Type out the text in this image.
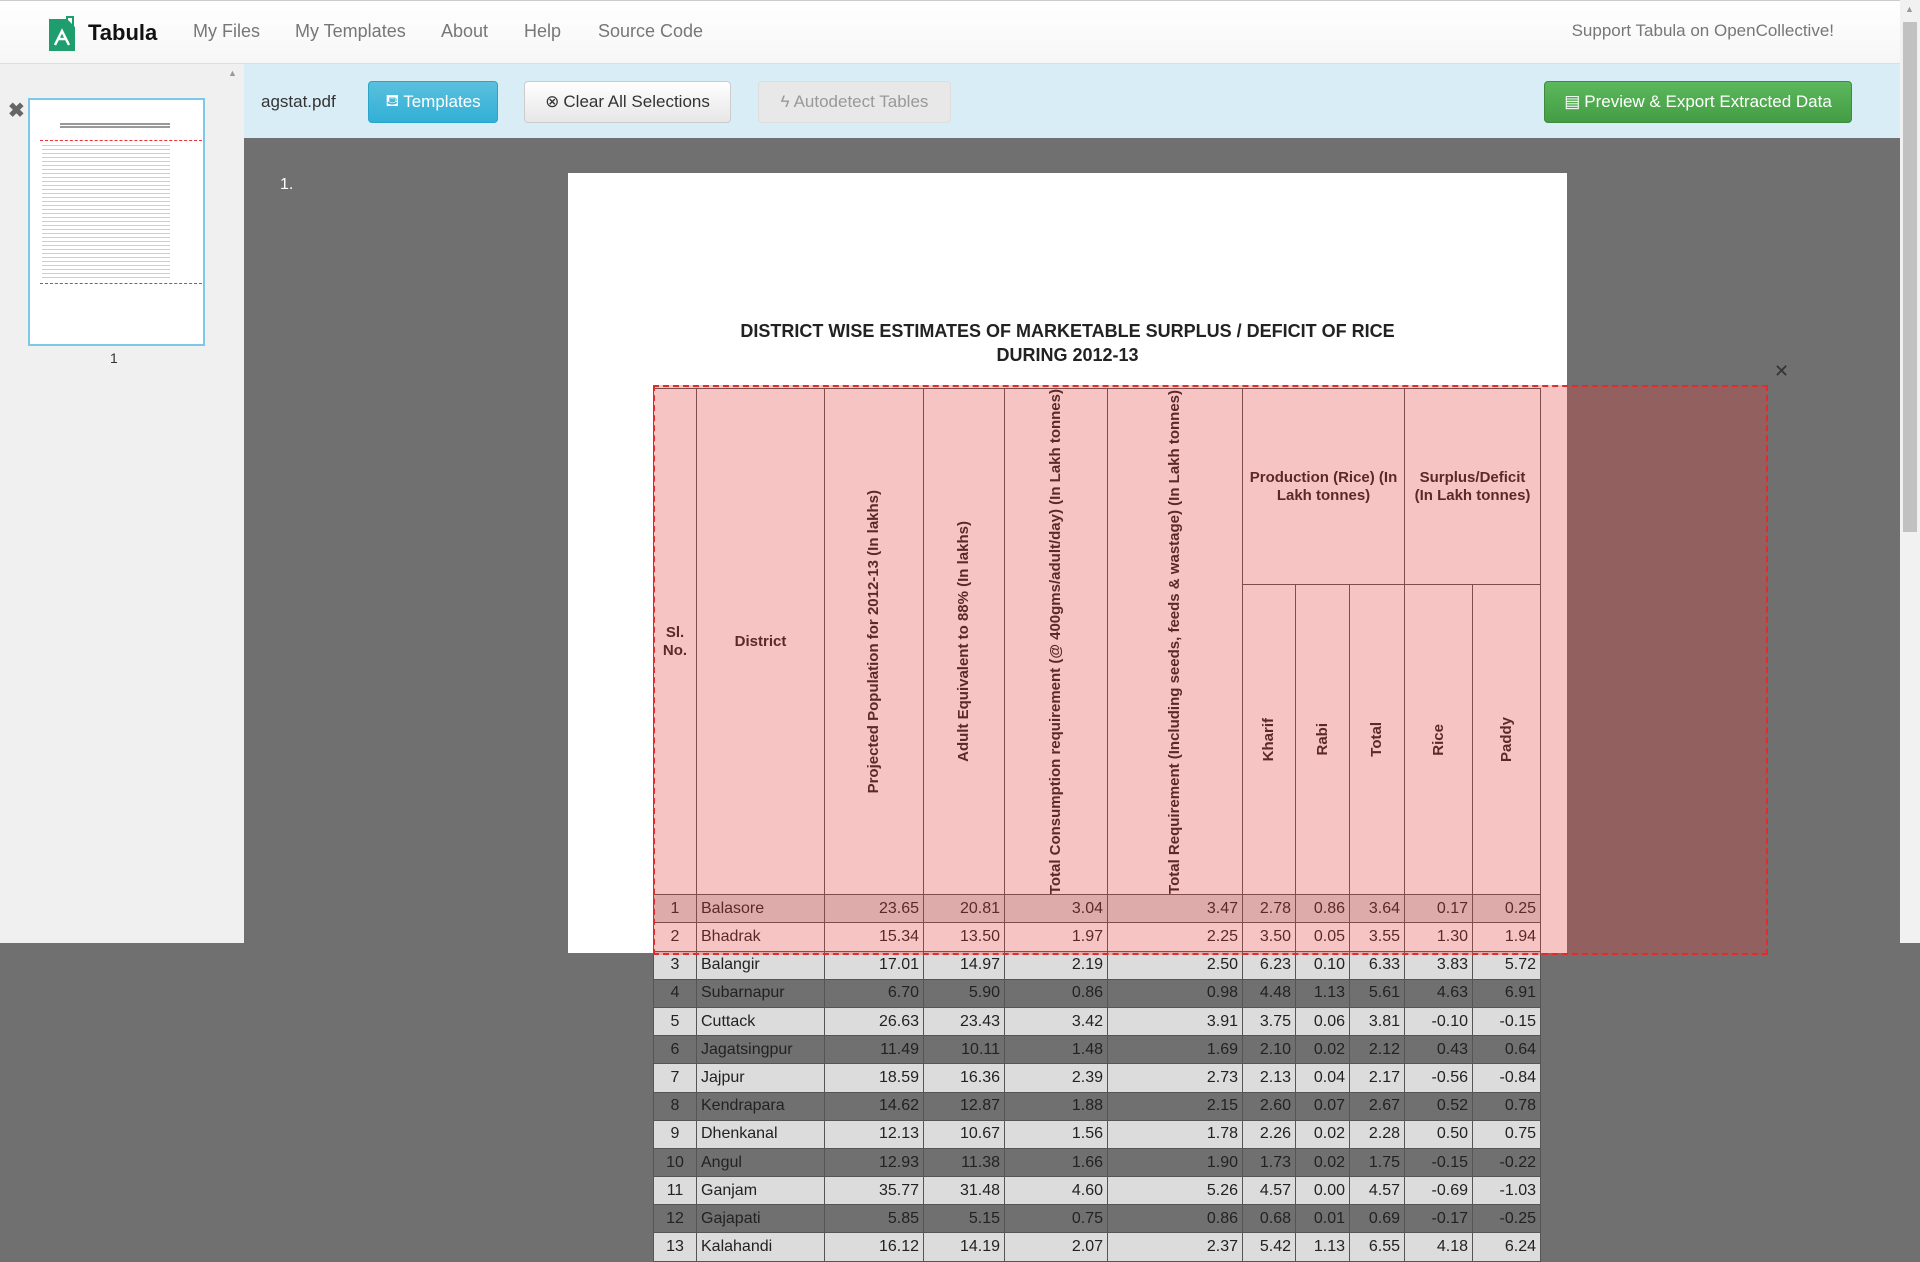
Tabula My Files My Templates About Help Source Code	Support Tabula on OpenCollective!
▲
▲
✖
1
agstat.pdf	⛾ Templates	⊗ Clear All Selections	ϟ Autodetect Tables	▤ Preview & Export Extracted Data
1.
DISTRICT WISE ESTIMATES OF MARKETABLE SURPLUS / DEFICIT OF RICE
DURING 2012-13
Sl. No.	District	Projected Population for 2012-13 (In lakhs)	Adult Equivalent to 88% (In lakhs)	Total Consumption requirement (@ 400gms/adult/day) (In Lakh tonnes)	Total Requirement (Including seeds, feeds & wastage) (In Lakh tonnes)	Production (Rice) (In Lakh tonnes)			Surplus/Deficit (In Lakh tonnes)	

						Kharif	Rabi	Total	Rice	Paddy

1	Balasore	23.65	20.81	3.04	3.47	2.78	0.86	3.64	0.17	0.25
2	Bhadrak	15.34	13.50	1.97	2.25	3.50	0.05	3.55	1.30	1.94
3	Balangir	17.01	14.97	2.19	2.50	6.23	0.10	6.33	3.83	5.72
4	Subarnapur	6.70	5.90	0.86	0.98	4.48	1.13	5.61	4.63	6.91
5	Cuttack	26.63	23.43	3.42	3.91	3.75	0.06	3.81	-0.10	-0.15
6	Jagatsingpur	11.49	10.11	1.48	1.69	2.10	0.02	2.12	0.43	0.64
7	Jajpur	18.59	16.36	2.39	2.73	2.13	0.04	2.17	-0.56	-0.84
8	Kendrapara	14.62	12.87	1.88	2.15	2.60	0.07	2.67	0.52	0.78
9	Dhenkanal	12.13	10.67	1.56	1.78	2.26	0.02	2.28	0.50	0.75
10	Angul	12.93	11.38	1.66	1.90	1.73	0.02	1.75	-0.15	-0.22
11	Ganjam	35.77	31.48	4.60	5.26	4.57	0.00	4.57	-0.69	-1.03
12	Gajapati	5.85	5.15	0.75	0.86	0.68	0.01	0.69	-0.17	-0.25
13	Kalahandi	16.12	14.19	2.07	2.37	5.42	1.13	6.55	4.18	6.24
✕
